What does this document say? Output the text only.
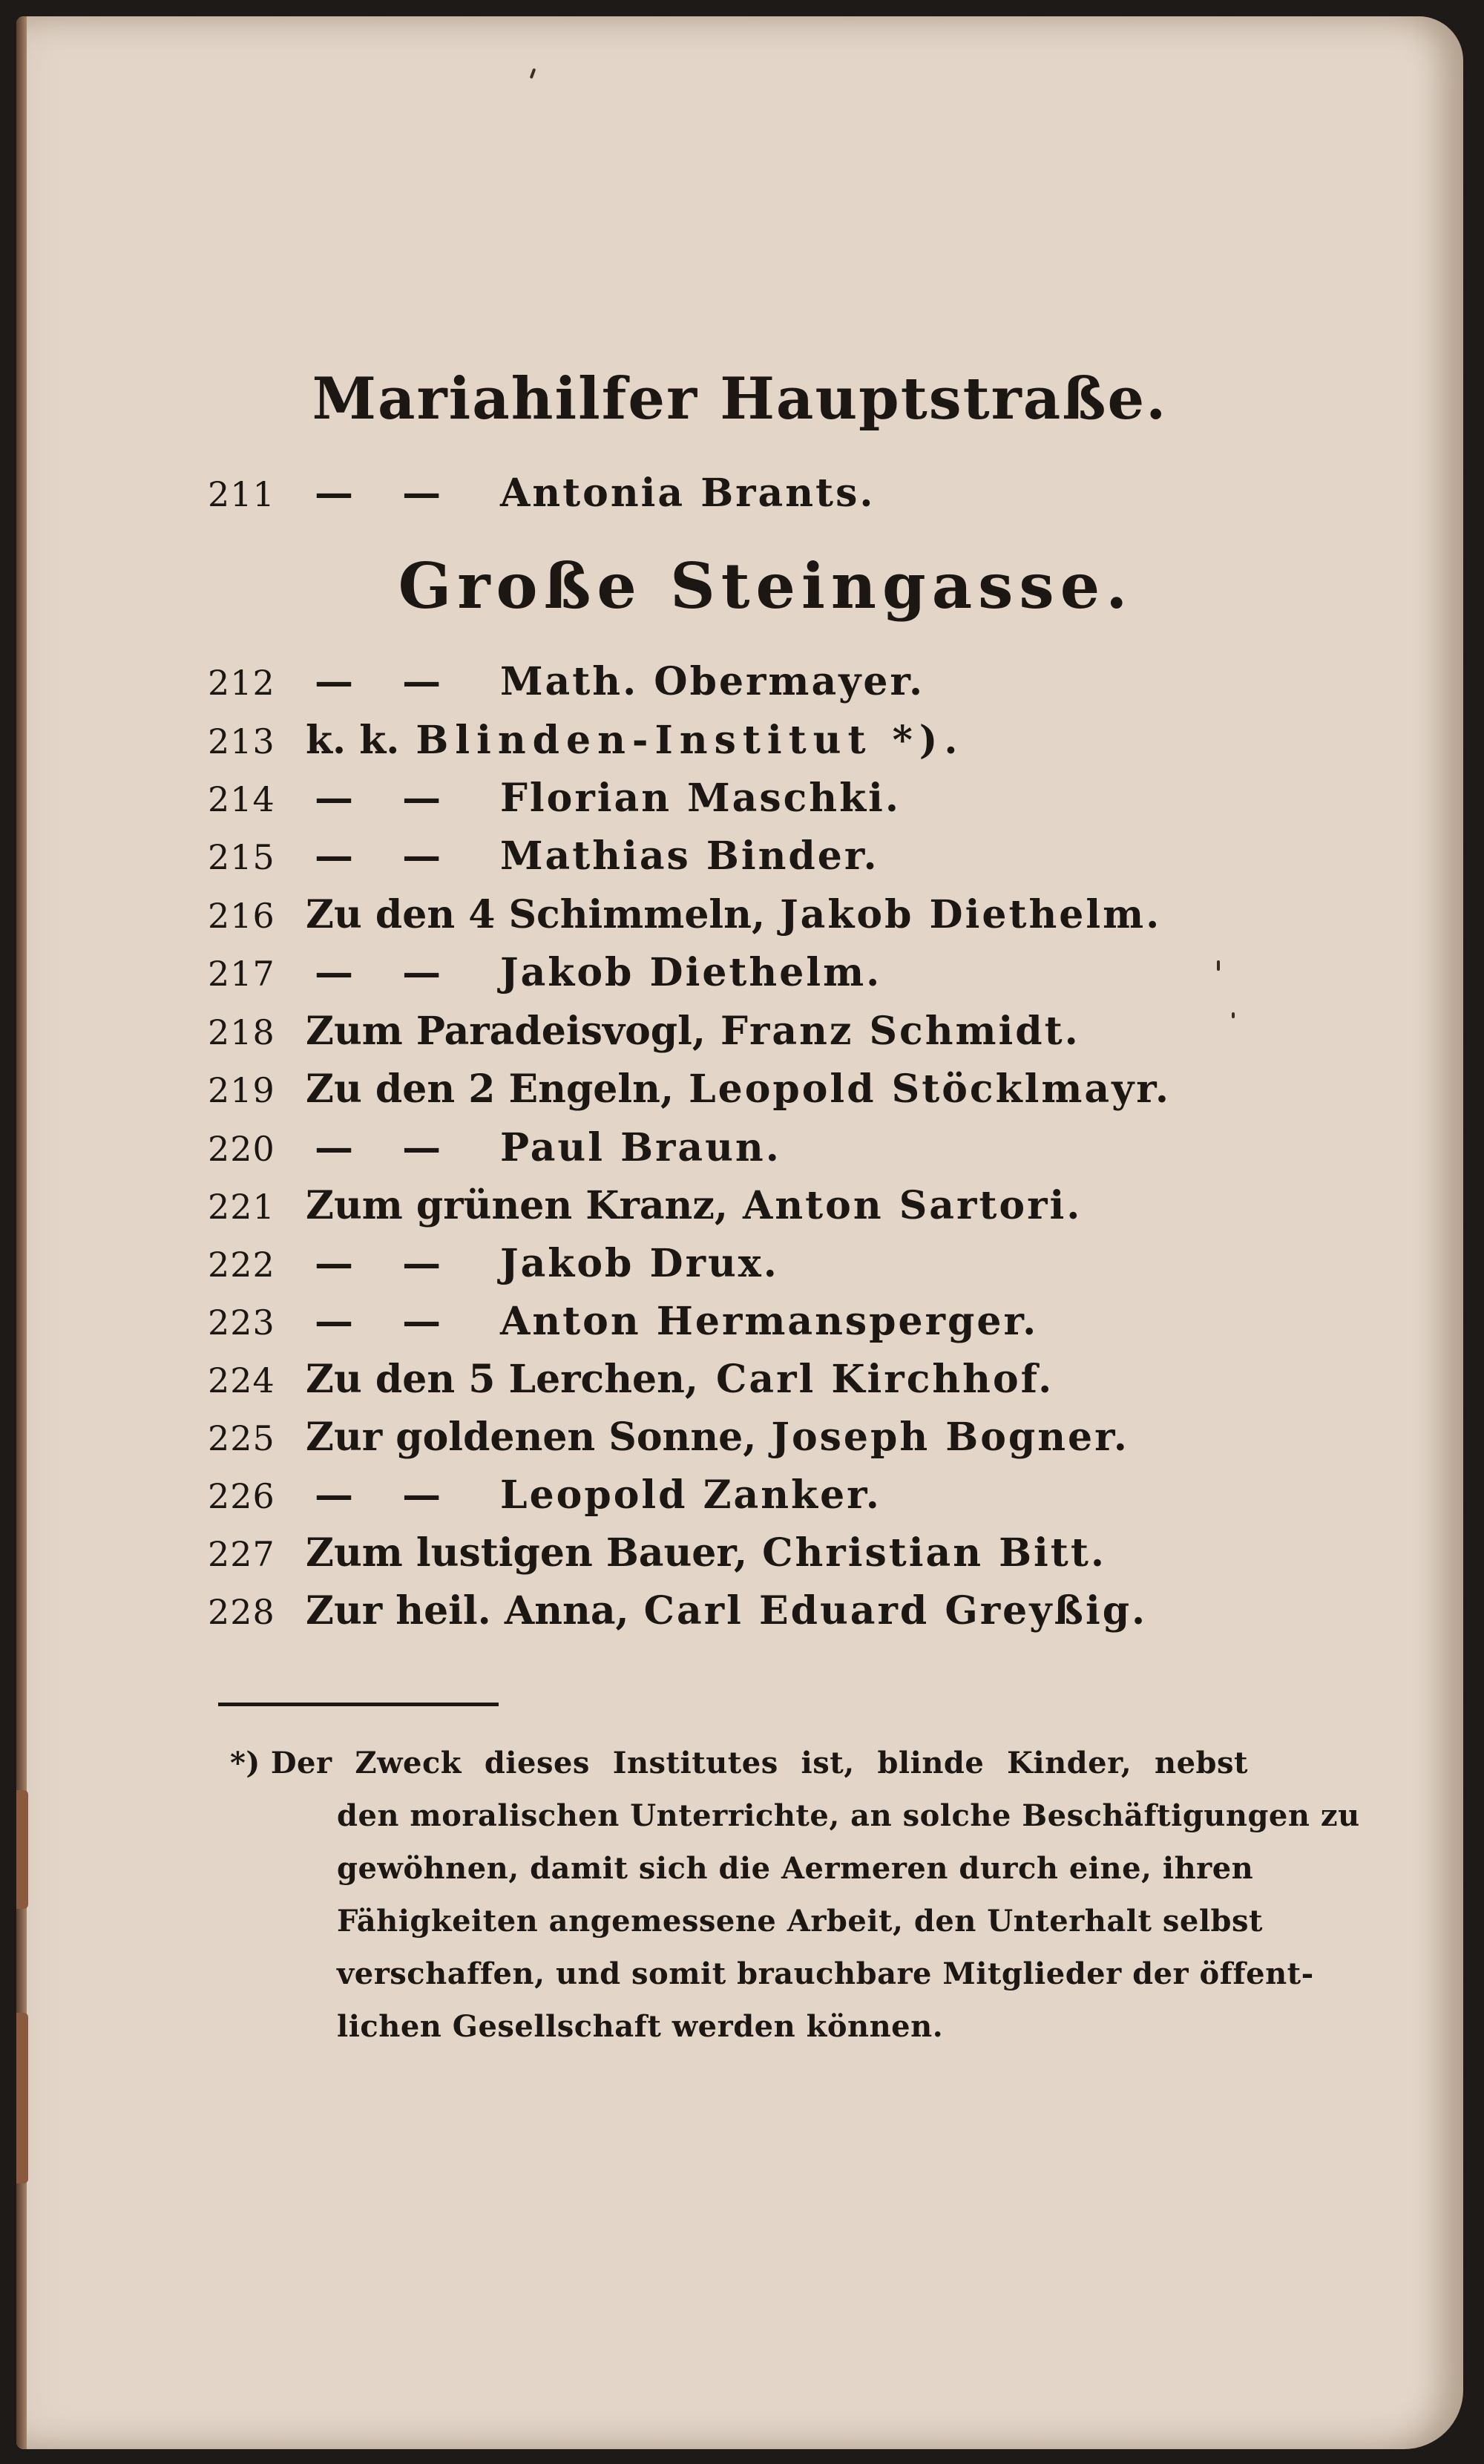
Mariahilfer Hauptstraße.
211	— —	Antonia Brants.
Große Steingasse.
212	— —	Math. Obermayer.
213 k. k. Blinden-Institut *).
214	— —	Florian Maschki.
215	— —	Mathias Binder.
216 Zu den 4 Schimmeln, Jakob Diethelm.
217	— —	Jakob Diethelm.
218 Zum Paradeisvogl, Franz Schmidt.
219 Zu den 2 Engeln, Leopold Stöcklmayr.
220	— —	Paul Braun.
221 Zum grünen Kranz, Anton Sartori.
222	— —	Jakob Drux.
223	— —	Anton Hermansperger.
224 Zu den 5 Lerchen, Carl Kirchhof.
225 Zur goldenen Sonne, Joseph Bogner.
226	— —	Leopold Zanker.
227 Zum lustigen Bauer, Christian Bitt.
228 Zur heil. Anna, Carl Eduard Greyßig.
*) Der Zweck dieses Institutes ist, blinde Kinder, nebst
den moralischen Unterrichte, an solche Beschäftigungen zu
gewöhnen, damit sich die Aermeren durch eine, ihren
Fähigkeiten angemessene Arbeit, den Unterhalt selbst
verschaffen, und somit brauchbare Mitglieder der öffent-
lichen Gesellschaft werden können.
